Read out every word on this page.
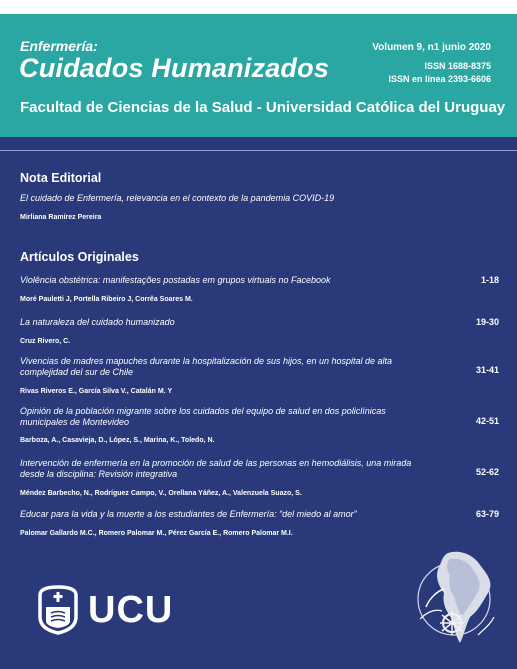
Enfermería:
Cuidados Humanizados
Facultad de Ciencias de la Salud - Universidad Católica del Uruguay
Volumen 9, n1 junio 2020
ISSN 1688-8375
ISSN en línea 2393-6606
Nota Editorial
El cuidado de Enfermería, relevancia en el contexto de la pandemia COVID-19
Mirliana Ramírez Pereira
Artículos Originales
Violência obstétrica: manifestações postadas em grupos virtuais no Facebook	1-18
Moré Pauletti J, Portella Ribeiro J, Corrêa Soares M.
La naturaleza del cuidado humanizado	19-30
Cruz Rivero, C.
Vivencias de madres mapuches durante la hospitalización de sus hijos, en un hospital de alta complejidad del sur de Chile	31-41
Rivas Riveros E., García Silva V., Catalán M. Y
Opinión de la población migrante sobre los cuidados del equipo de salud en dos policlínicas municipales de Montevideo	42-51
Barboza, A., Casavieja, D., López, S., Marina, K., Toledo, N.
Intervención de enfermería en la promoción de salud de las personas en hemodiálisis, una mirada desde la disciplina: Revisión integrativa	52-62
Méndez Barbecho, N., Rodríguez Campo, V., Orellana Yáñez, A., Valenzuela Suazo, S.
Educar para la vida y la muerte a los estudiantes de Enfermería: “del miedo al amor”	63-79
Palomar Gallardo M.C., Romero Palomar M., Pérez García E., Romero Palomar M.I.
UCU
